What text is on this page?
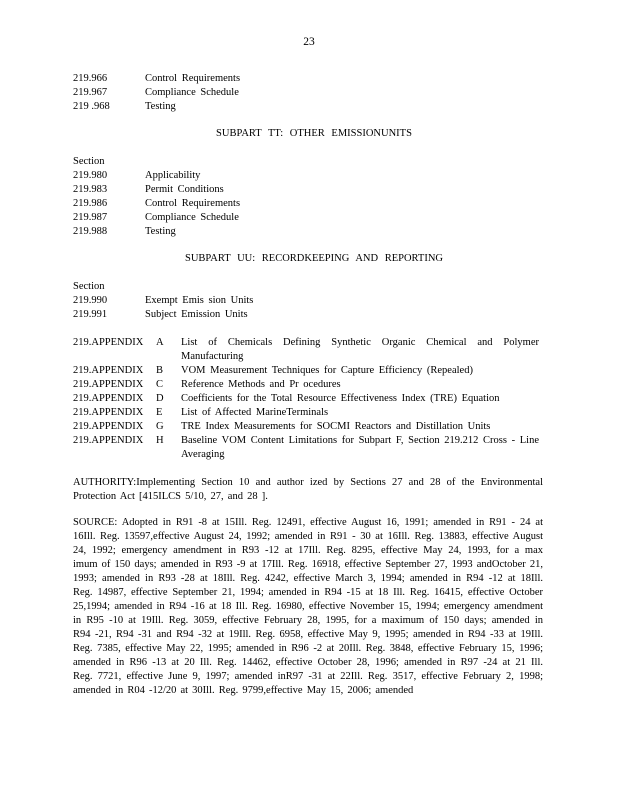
23
219.966	Control Requirements
219.967	Compliance Schedule
219 .968	Testing
SUBPART TT: OTHER EMISSIONUNITS
Section
219.980	Applicability
219.983	Permit Conditions
219.986	Control Requirements
219.987	Compliance Schedule
219.988	Testing
SUBPART UU: RECORDKEEPING AND REPORTING
Section
219.990	Exempt Emis sion Units
219.991	Subject Emission Units
219.APPENDIX	A	List of Chemicals Defining Synthetic Organic Chemical and Polymer Manufacturing
219.APPENDIX	B	VOM Measurement Techniques for Capture Efficiency (Repealed)
219.APPENDIX	C	Reference Methods and Pr ocedures
219.APPENDIX	D	Coefficients for the Total Resource Effectiveness Index (TRE) Equation
219.APPENDIX	E	List of Affected MarineTerminals
219.APPENDIX	G	TRE Index Measurements for SOCMI Reactors and Distillation Units
219.APPENDIX	H	Baseline VOM Content Limitations for Subpart F, Section 219.212 Cross - Line Averaging
AUTHORITY:Implementing Section 10 and author ized by Sections 27 and 28 of the Environmental Protection Act [415ILCS 5/10, 27, and 28 ].
SOURCE: Adopted in R91 -8 at 15Ill. Reg. 12491, effective August 16, 1991; amended in R91 - 24 at 16Ill. Reg. 13597,effective August 24, 1992; amended in R91 - 30 at 16Ill. Reg. 13883, effective August 24, 1992; emergency amendment in R93 -12 at 17Ill. Reg. 8295, effective May 24, 1993, for a max imum of 150 days; amended in R93 -9 at 17Ill. Reg. 16918, effective September 27, 1993 andOctober 21, 1993; amended in R93 -28 at 18Ill. Reg. 4242, effective March 3, 1994; amended in R94 -12 at 18Ill. Reg. 14987, effective September 21, 1994; amended in R94 -15 at 18 Ill. Reg. 16415, effective October 25,1994; amended in R94 -16 at 18 Ill. Reg. 16980, effective November 15, 1994; emergency amendment in R95 -10 at 19Ill. Reg. 3059, effective February 28, 1995, for a maximum of 150 days; amended in R94 -21, R94 -31 and R94 -32 at 19Ill. Reg. 6958, effective May 9, 1995; amended in R94 -33 at 19Ill. Reg. 7385, effective May 22, 1995; amended in R96 -2 at 20Ill. Reg. 3848, effective February 15, 1996; amended in R96 -13 at 20 Ill. Reg. 14462, effective October 28, 1996; amended in R97 -24 at 21 Ill. Reg. 7721, effective June 9, 1997; amended inR97 -31 at 22Ill. Reg. 3517, effective February 2, 1998; amended in R04 -12/20 at 30Ill. Reg. 9799,effective May 15, 2006; amended
